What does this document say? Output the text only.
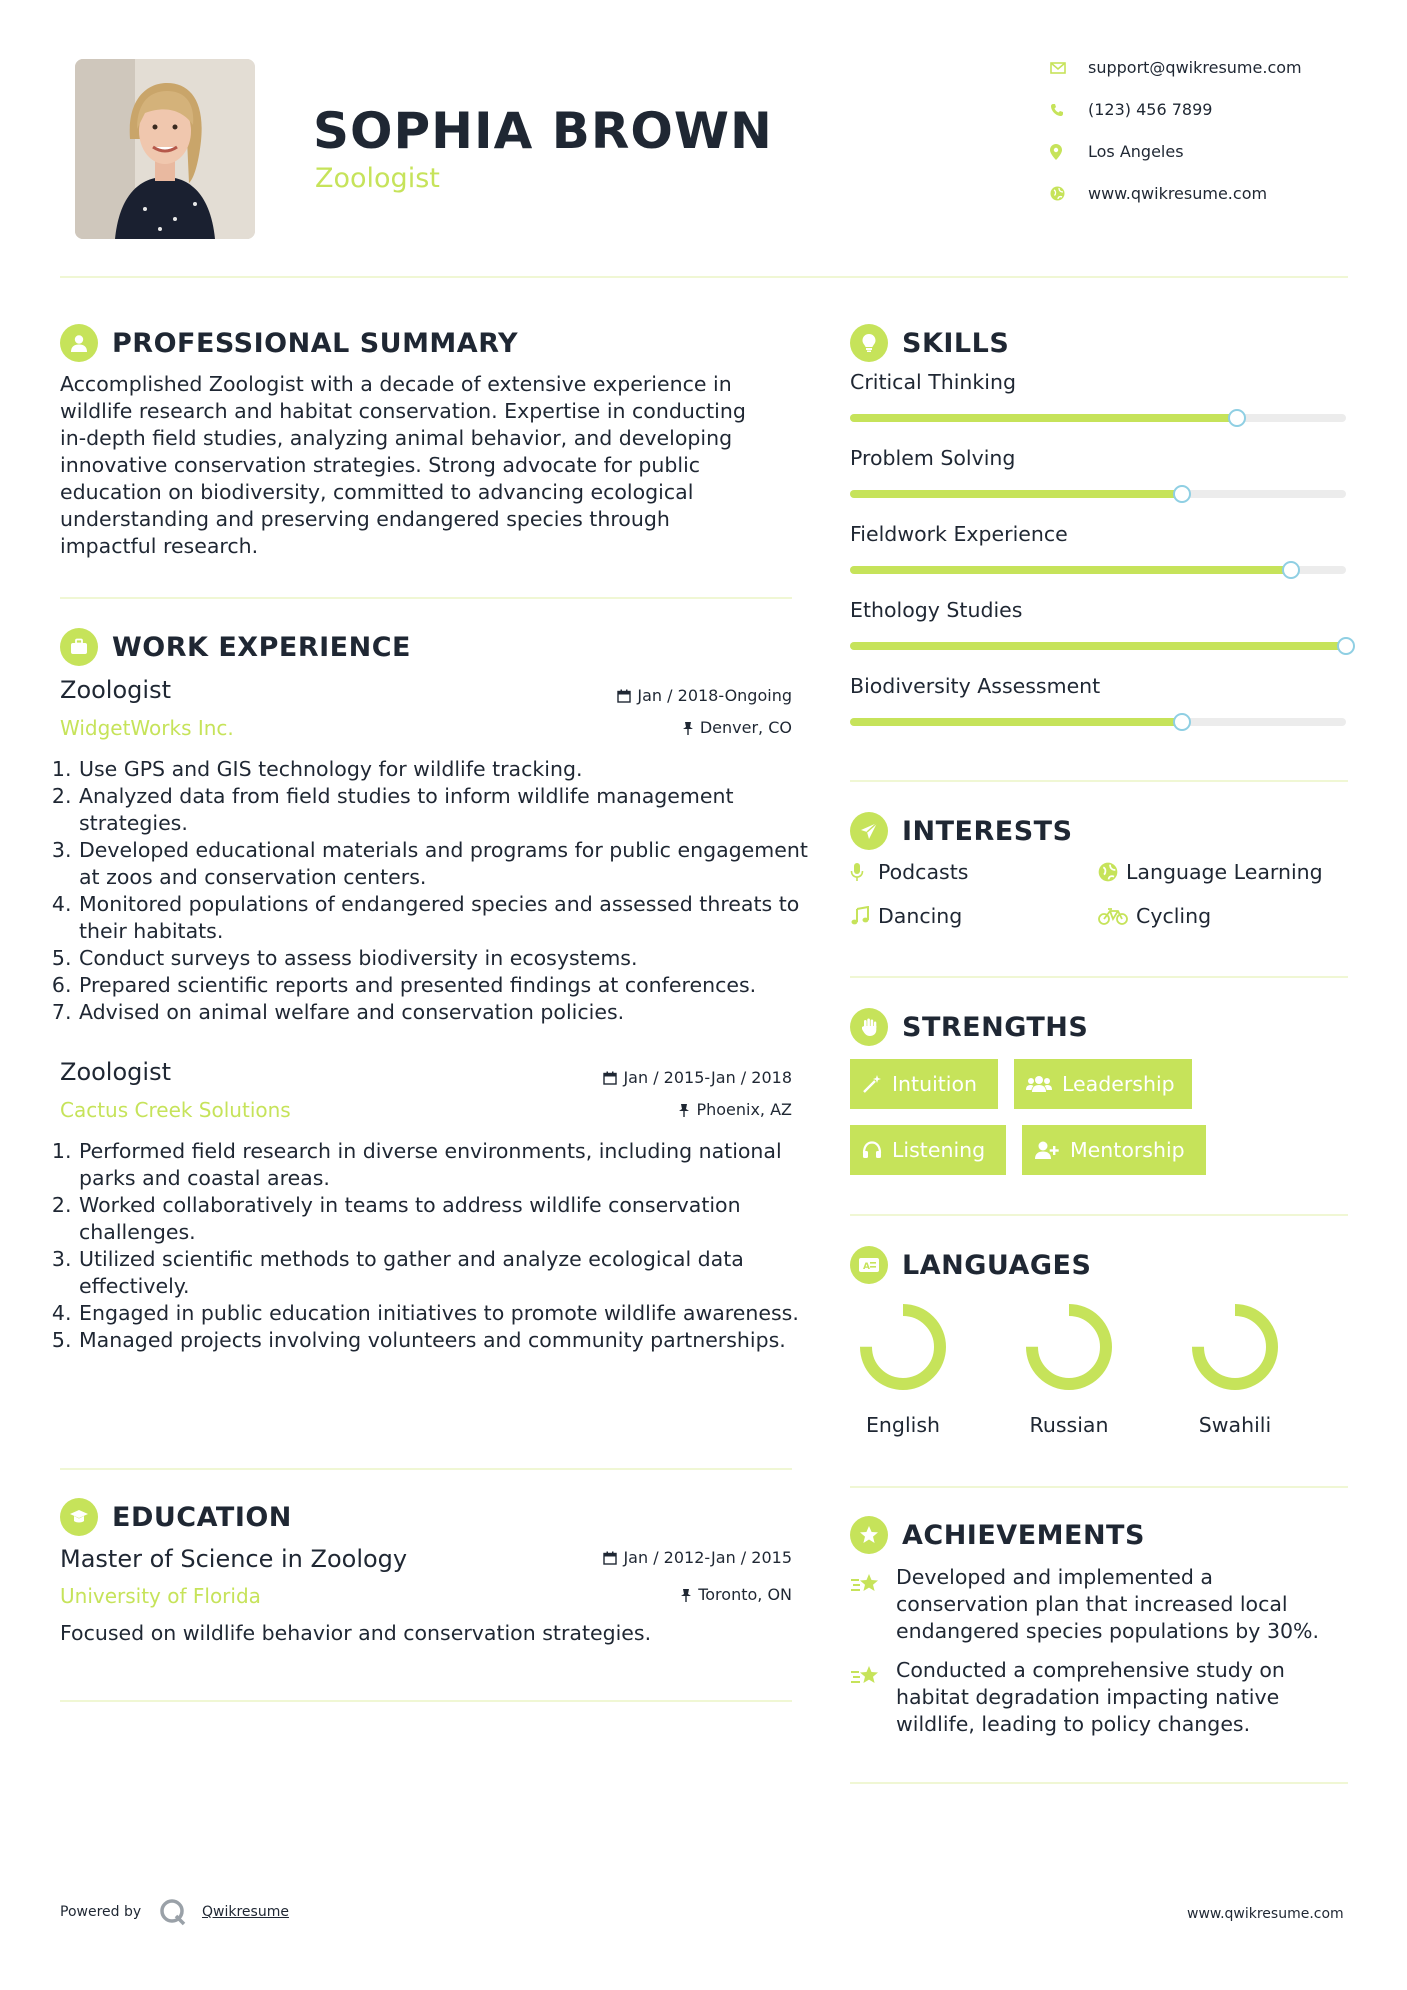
SOPHIA BROWN
Zoologist
support@qwikresume.com
(123) 456 7899
Los Angeles
www.qwikresume.com
PROFESSIONAL SUMMARY
Accomplished Zoologist with a decade of extensive experience in
wildlife research and habitat conservation. Expertise in conducting
in-depth field studies, analyzing animal behavior, and developing
innovative conservation strategies. Strong advocate for public
education on biodiversity, committed to advancing ecological
understanding and preserving endangered species through
impactful research.
WORK EXPERIENCE
Zoologist
WidgetWorks Inc.
Jan / 2018-Ongoing
Denver, CO
1. Use GPS and GIS technology for wildlife tracking.
2. Analyzed data from field studies to inform wildlife management strategies.
3. Developed educational materials and programs for public engagement at zoos and conservation centers.
4. Monitored populations of endangered species and assessed threats to their habitats.
5. Conduct surveys to assess biodiversity in ecosystems.
6. Prepared scientific reports and presented findings at conferences.
7. Advised on animal welfare and conservation policies.
Zoologist
Cactus Creek Solutions
Jan / 2015-Jan / 2018
Phoenix, AZ
1. Performed field research in diverse environments, including national parks and coastal areas.
2. Worked collaboratively in teams to address wildlife conservation challenges.
3. Utilized scientific methods to gather and analyze ecological data effectively.
4. Engaged in public education initiatives to promote wildlife awareness.
5. Managed projects involving volunteers and community partnerships.
EDUCATION
Master of Science in Zoology
University of Florida
Jan / 2012-Jan / 2015
Toronto, ON
Focused on wildlife behavior and conservation strategies.
SKILLS
Critical Thinking
Problem Solving
Fieldwork Experience
Ethology Studies
Biodiversity Assessment
INTERESTS
Podcasts	Language Learning
Dancing	Cycling
STRENGTHS
Intuition	Leadership
Listening	Mentorship
A LANGUAGES
English	Russian	Swahili
ACHIEVEMENTS
Developed and implemented a conservation plan that increased local endangered species populations by 30%.
Conducted a comprehensive study on habitat degradation impacting native wildlife, leading to policy changes.
Powered by	Qwikresume	www.qwikresume.com
